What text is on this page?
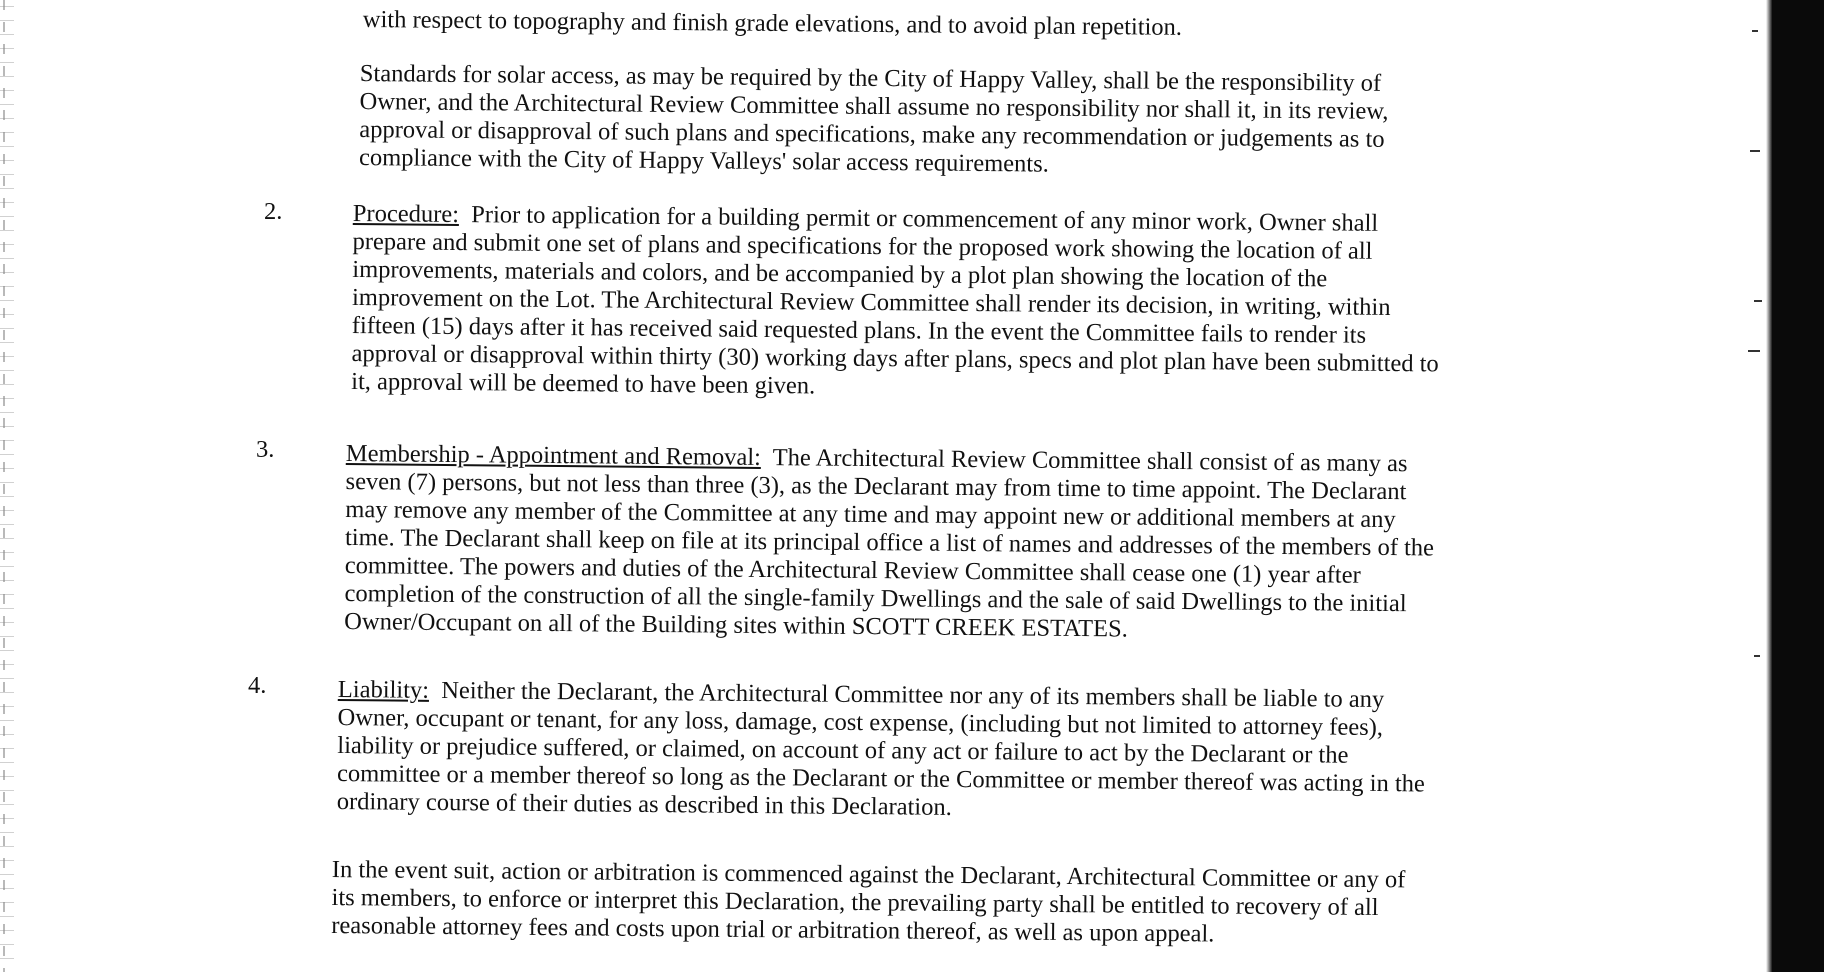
with respect to topography and finish grade elevations, and to avoid plan repetition.
Standards for solar access, as may be required by the City of Happy Valley, shall be the responsibility of
Owner, and the Architectural Review Committee shall assume no responsibility nor shall it, in its review,
approval or disapproval of such plans and specifications, make any recommendation or judgements as to
compliance with the City of Happy Valleys' solar access requirements.
2.	Procedure: Prior to application for a building permit or commencement of any minor work, Owner shall
prepare and submit one set of plans and specifications for the proposed work showing the location of all
improvements, materials and colors, and be accompanied by a plot plan showing the location of the
improvement on the Lot. The Architectural Review Committee shall render its decision, in writing, within
fifteen (15) days after it has received said requested plans. In the event the Committee fails to render its
approval or disapproval within thirty (30) working days after plans, specs and plot plan have been submitted to
it, approval will be deemed to have been given.
3.	Membership - Appointment and Removal: The Architectural Review Committee shall consist of as many as
seven (7) persons, but not less than three (3), as the Declarant may from time to time appoint. The Declarant
may remove any member of the Committee at any time and may appoint new or additional members at any
time. The Declarant shall keep on file at its principal office a list of names and addresses of the members of the
committee. The powers and duties of the Architectural Review Committee shall cease one (1) year after
completion of the construction of all the single-family Dwellings and the sale of said Dwellings to the initial
Owner/Occupant on all of the Building sites within SCOTT CREEK ESTATES.
4.	Liability: Neither the Declarant, the Architectural Committee nor any of its members shall be liable to any
Owner, occupant or tenant, for any loss, damage, cost expense, (including but not limited to attorney fees),
liability or prejudice suffered, or claimed, on account of any act or failure to act by the Declarant or the
committee or a member thereof so long as the Declarant or the Committee or member thereof was acting in the
ordinary course of their duties as described in this Declaration.
In the event suit, action or arbitration is commenced against the Declarant, Architectural Committee or any of
its members, to enforce or interpret this Declaration, the prevailing party shall be entitled to recovery of all
reasonable attorney fees and costs upon trial or arbitration thereof, as well as upon appeal.
